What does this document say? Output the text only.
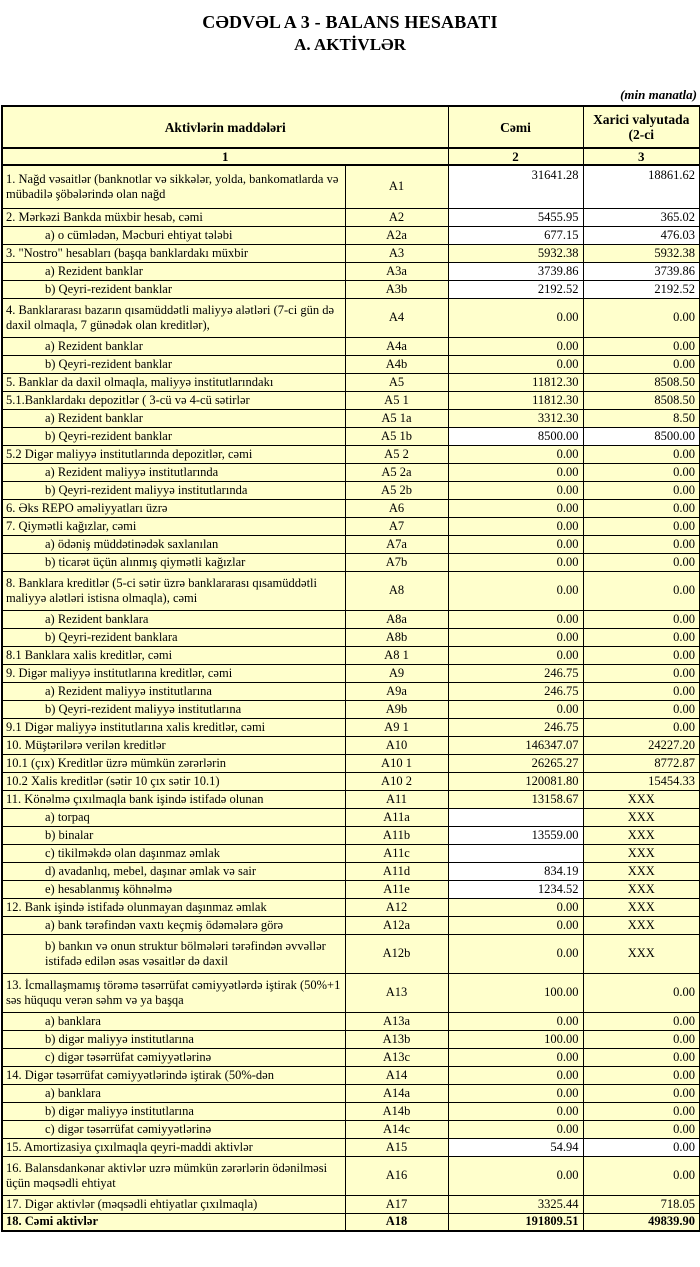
CƏDVƏL A 3 - BALANS HESABATI
A. AKTİVLƏR
(min manatla)
Aktivlərin maddələri		Cəmi	Xarici valyutada (2-ci
1		2	3
1. Nağd vəsaitlər (banknotlar və sikkələr, yolda, bankomatlarda və mübadilə şöbələrində olan nağd	A1	31641.28	18861.62
2. Mərkəzi Bankda müxbir hesab, cəmi	A2	5455.95	365.02
a) o cümlədən, Məcburi ehtiyat tələbi	A2a	677.15	476.03
3. "Nostro" hesabları (başqa banklardakı müxbir	A3	5932.38	5932.38
a) Rezident banklar	A3a	3739.86	3739.86
b) Qeyri-rezident banklar	A3b	2192.52	2192.52
4. Banklararası bazarın qısamüddətli maliyyə alətləri (7-ci gün də daxil olmaqla, 7 günədək olan kreditlər),	A4	0.00	0.00
a) Rezident banklar	A4a	0.00	0.00
b) Qeyri-rezident banklar	A4b	0.00	0.00
5. Banklar da daxil olmaqla, maliyyə institutlarındakı	A5	11812.30	8508.50
5.1.Banklardakı depozitlər ( 3-cü və 4-cü sətirlər	A5 1	11812.30	8508.50
a) Rezident banklar	A5 1a	3312.30	8.50
b) Qeyri-rezident banklar	A5 1b	8500.00	8500.00
5.2 Digər maliyyə institutlarında depozitlər, cəmi	A5 2	0.00	0.00
a) Rezident maliyyə institutlarında	A5 2a	0.00	0.00
b) Qeyri-rezident maliyyə institutlarında	A5 2b	0.00	0.00
6. Əks REPO əməliyyatları üzrə	A6	0.00	0.00
7. Qiymətli kağızlar, cəmi	A7	0.00	0.00
a) ödəniş müddətinədək saxlanılan	A7a	0.00	0.00
b) ticarət üçün alınmış qiymətli kağızlar	A7b	0.00	0.00
8. Banklara kreditlər (5-ci sətir üzrə banklararası qısamüddətli maliyyə alətləri istisna olmaqla), cəmi	A8	0.00	0.00
a) Rezident banklara	A8a	0.00	0.00
b) Qeyri-rezident banklara	A8b	0.00	0.00
8.1 Banklara xalis kreditlər, cəmi	A8 1	0.00	0.00
9. Digər maliyyə institutlarına kreditlər, cəmi	A9	246.75	0.00
a) Rezident maliyyə institutlarına	A9a	246.75	0.00
b) Qeyri-rezident maliyyə institutlarına	A9b	0.00	0.00
9.1 Digər maliyyə institutlarına xalis kreditlər, cəmi	A9 1	246.75	0.00
10. Müştərilərə verilən kreditlər	A10	146347.07	24227.20
10.1 (çıx) Kreditlər üzrə mümkün zərərlərin	A10 1	26265.27	8772.87
10.2 Xalis kreditlər (sətir 10 çıx sətir 10.1)	A10 2	120081.80	15454.33
11. Könəlmə çıxılmaqla bank işində istifadə olunan	A11	13158.67	XXX
a) torpaq	A11a		XXX
b) binalar	A11b	13559.00	XXX
c) tikilməkdə olan daşınmaz əmlak	A11c		XXX
d) avadanlıq, mebel, daşınar əmlak və sair	A11d	834.19	XXX
e) hesablanmış köhnəlmə	A11e	1234.52	XXX
12. Bank işində istifadə olunmayan daşınmaz əmlak	A12	0.00	XXX
a) bank tərəfindən vaxtı keçmiş ödəmələrə görə	A12a	0.00	XXX
b) bankın və onun struktur bölmələri tərəfindən əvvəllər istifadə edilən əsas vəsaitlər də daxil	A12b	0.00	XXX
13. İcmallaşmamış törəmə təsərrüfat cəmiyyətlərdə iştirak (50%+1 səs hüququ verən səhm və ya başqa	A13	100.00	0.00
a) banklara	A13a	0.00	0.00
b) digər maliyyə institutlarına	A13b	100.00	0.00
c) digər təsərrüfat cəmiyyətlərinə	A13c	0.00	0.00
14. Digər təsərrüfat cəmiyyətlərində iştirak (50%-dən	A14	0.00	0.00
a) banklara	A14a	0.00	0.00
b) digər maliyyə institutlarına	A14b	0.00	0.00
c) digər təsərrüfat cəmiyyətlərinə	A14c	0.00	0.00
15. Amortizasiya çıxılmaqla qeyri-maddi aktivlər	A15	54.94	0.00
16. Balansdankənar aktivlər uzrə mümkün zərərlərin ödənilməsi üçün məqsədli ehtiyat	A16	0.00	0.00
17. Digər aktivlər (məqsədli ehtiyatlar çıxılmaqla)	A17	3325.44	718.05
18. Cəmi aktivlər	A18	191809.51	49839.90
